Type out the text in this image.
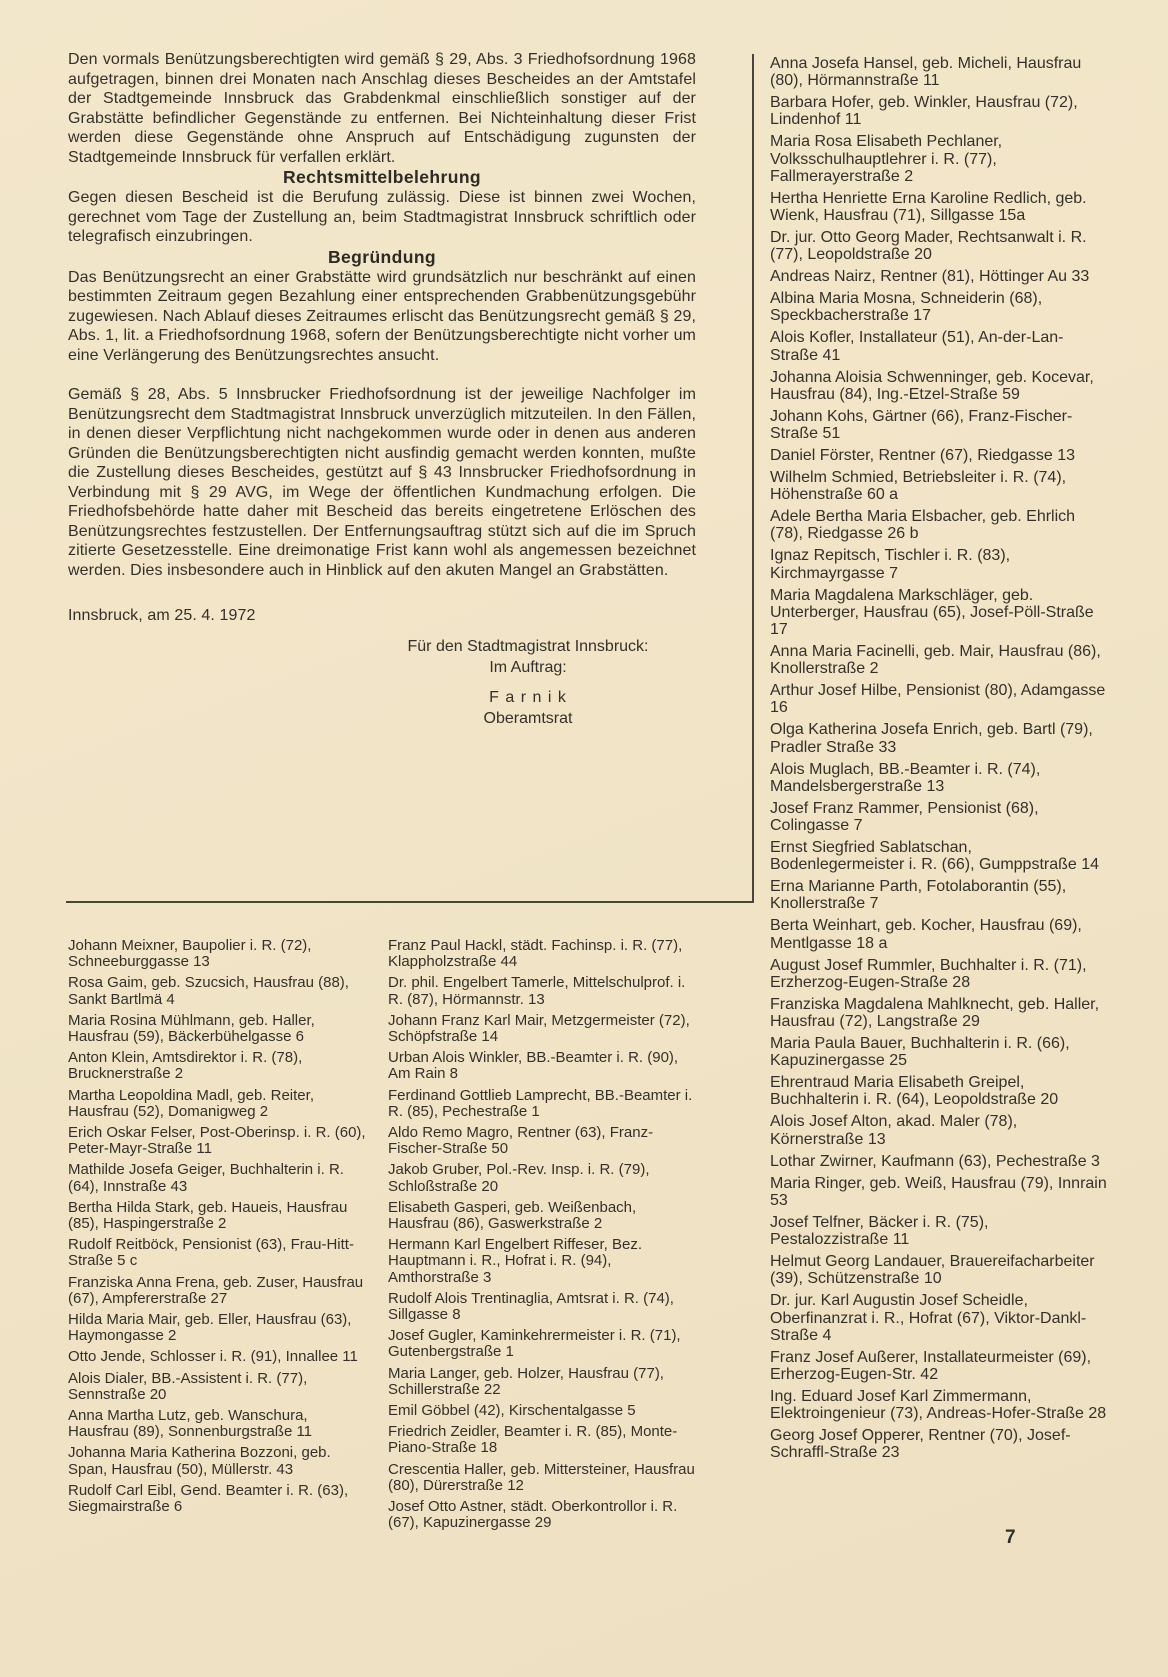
Den vormals Benützungsberechtigten wird gemäß § 29, Abs. 3 Friedhofsordnung 1968 aufgetragen, binnen drei Monaten nach Anschlag dieses Bescheides an der Amtstafel der Stadtgemeinde Innsbruck das Grabdenkmal einschließlich sonstiger auf der Grabstätte befindlicher Gegenstände zu entfernen. Bei Nichteinhaltung dieser Frist werden diese Gegenstände ohne Anspruch auf Entschädigung zugunsten der Stadtgemeinde Innsbruck für verfallen erklärt.

Rechtsmittelbelehrung

Gegen diesen Bescheid ist die Berufung zulässig. Diese ist binnen zwei Wochen, gerechnet vom Tage der Zustellung an, beim Stadtmagistrat Innsbruck schriftlich oder telegrafisch einzubringen.

Begründung

Das Benützungsrecht an einer Grabstätte wird grundsätzlich nur beschränkt auf einen bestimmten Zeitraum gegen Bezahlung einer entsprechenden Grabbenützungsgebühr zugewiesen. Nach Ablauf dieses Zeitraumes erlischt das Benützungsrecht gemäß § 29, Abs. 1, lit. a Friedhofsordnung 1968, sofern der Benützungsberechtigte nicht vorher um eine Verlängerung des Benützungsrechtes ansucht.

Gemäß § 28, Abs. 5 Innsbrucker Friedhofsordnung ist der jeweilige Nachfolger im Benützungsrecht dem Stadtmagistrat Innsbruck unverzüglich mitzuteilen. In den Fällen, in denen dieser Verpflichtung nicht nachgekommen wurde oder in denen aus anderen Gründen die Benützungsberechtigten nicht ausfindig gemacht werden konnten, mußte die Zustellung dieses Bescheides, gestützt auf § 43 Innsbrucker Friedhofsordnung in Verbindung mit § 29 AVG, im Wege der öffentlichen Kundmachung erfolgen. Die Friedhofsbehörde hatte daher mit Bescheid das bereits eingetretene Erlöschen des Benützungsrechtes festzustellen. Der Entfernungsauftrag stützt sich auf die im Spruch zitierte Gesetzesstelle. Eine dreimonatige Frist kann wohl als angemessen bezeichnet werden. Dies insbesondere auch in Hinblick auf den akuten Mangel an Grabstätten.

Innsbruck, am 25. 4. 1972

Für den Stadtmagistrat Innsbruck:
Im Auftrag:
F a r n i k
Oberamtsrat

Johann Meixner, Baupolier i. R. (72), Schneeburggasse 13

Rosa Gaim, geb. Szucsich, Hausfrau (88), Sankt Bartlmä 4

Maria Rosina Mühlmann, geb. Haller, Hausfrau (59), Bäckerbühelgasse 6

Anton Klein, Amtsdirektor i. R. (78), Brucknerstraße 2

Martha Leopoldina Madl, geb. Reiter, Hausfrau (52), Domanigweg 2

Erich Oskar Felser, Post-Oberinsp. i. R. (60), Peter-Mayr-Straße 11

Mathilde Josefa Geiger, Buchhalterin i. R. (64), Innstraße 43

Bertha Hilda Stark, geb. Haueis, Hausfrau (85), Haspingerstraße 2

Rudolf Reitböck, Pensionist (63), Frau-Hitt-Straße 5 c

Franziska Anna Frena, geb. Zuser, Hausfrau (67), Ampfererstraße 27

Hilda Maria Mair, geb. Eller, Hausfrau (63), Haymongasse 2

Otto Jende, Schlosser i. R. (91), Innallee 11

Alois Dialer, BB.-Assistent i. R. (77), Sennstraße 20

Anna Martha Lutz, geb. Wanschura, Hausfrau (89), Sonnenburgstraße 11

Johanna Maria Katherina Bozzoni, geb. Span, Hausfrau (50), Müllerstr. 43

Rudolf Carl Eibl, Gend. Beamter i. R. (63), Siegmairstraße 6

Franz Paul Hackl, städt. Fachinsp. i. R. (77), Klappholzstraße 44

Dr. phil. Engelbert Tamerle, Mittelschulprof. i. R. (87), Hörmannstr. 13

Johann Franz Karl Mair, Metzgermeister (72), Schöpfstraße 14

Urban Alois Winkler, BB.-Beamter i. R. (90), Am Rain 8

Ferdinand Gottlieb Lamprecht, BB.-Beamter i. R. (85), Pechestraße 1

Aldo Remo Magro, Rentner (63), Franz-Fischer-Straße 50

Jakob Gruber, Pol.-Rev. Insp. i. R. (79), Schloßstraße 20

Elisabeth Gasperi, geb. Weißenbach, Hausfrau (86), Gaswerkstraße 2

Hermann Karl Engelbert Riffeser, Bez. Hauptmann i. R., Hofrat i. R. (94), Amthorstraße 3

Rudolf Alois Trentinaglia, Amtsrat i. R. (74), Sillgasse 8

Josef Gugler, Kaminkehrermeister i. R. (71), Gutenbergstraße 1

Maria Langer, geb. Holzer, Hausfrau (77), Schillerstraße 22

Emil Göbbel (42), Kirschentalgasse 5

Friedrich Zeidler, Beamter i. R. (85), Monte-Piano-Straße 18

Crescentia Haller, geb. Mittersteiner, Hausfrau (80), Dürerstraße 12

Josef Otto Astner, städt. Oberkontrollor i. R. (67), Kapuzinergasse 29

Anna Josefa Hansel, geb. Micheli, Hausfrau (80), Hörmannstraße 11

Barbara Hofer, geb. Winkler, Hausfrau (72), Lindenhof 11

Maria Rosa Elisabeth Pechlaner, Volksschulhauptlehrer i. R. (77), Fallmerayerstraße 2

Hertha Henriette Erna Karoline Redlich, geb. Wienk, Hausfrau (71), Sillgasse 15a

Dr. jur. Otto Georg Mader, Rechtsanwalt i. R. (77), Leopoldstraße 20

Andreas Nairz, Rentner (81), Höttinger Au 33

Albina Maria Mosna, Schneiderin (68), Speckbacherstraße 17

Alois Kofler, Installateur (51), An-der-Lan-Straße 41

Johanna Aloisia Schwenninger, geb. Kocevar, Hausfrau (84), Ing.-Etzel-Straße 59

Johann Kohs, Gärtner (66), Franz-Fischer-Straße 51

Daniel Förster, Rentner (67), Riedgasse 13

Wilhelm Schmied, Betriebsleiter i. R. (74), Höhenstraße 60 a

Adele Bertha Maria Elsbacher, geb. Ehrlich (78), Riedgasse 26 b

Ignaz Repitsch, Tischler i. R. (83), Kirchmayrgasse 7

Maria Magdalena Markschläger, geb. Unterberger, Hausfrau (65), Josef-Pöll-Straße 17

Anna Maria Facinelli, geb. Mair, Hausfrau (86), Knollerstraße 2

Arthur Josef Hilbe, Pensionist (80), Adamgasse 16

Olga Katherina Josefa Enrich, geb. Bartl (79), Pradler Straße 33

Alois Muglach, BB.-Beamter i. R. (74), Mandelsbergerstraße 13

Josef Franz Rammer, Pensionist (68), Colingasse 7

Ernst Siegfried Sablatschan, Bodenlegermeister i. R. (66), Gumppstraße 14

Erna Marianne Parth, Fotolaborantin (55), Knollerstraße 7

Berta Weinhart, geb. Kocher, Hausfrau (69), Mentlgasse 18 a

August Josef Rummler, Buchhalter i. R. (71), Erzherzog-Eugen-Straße 28

Franziska Magdalena Mahlknecht, geb. Haller, Hausfrau (72), Langstraße 29

Maria Paula Bauer, Buchhalterin i. R. (66), Kapuzinergasse 25

Ehrentraud Maria Elisabeth Greipel, Buchhalterin i. R. (64), Leopoldstraße 20

Alois Josef Alton, akad. Maler (78), Körnerstraße 13

Lothar Zwirner, Kaufmann (63), Pechestraße 3

Maria Ringer, geb. Weiß, Hausfrau (79), Innrain 53

Josef Telfner, Bäcker i. R. (75), Pestalozzistraße 11

Helmut Georg Landauer, Brauereifacharbeiter (39), Schützenstraße 10

Dr. jur. Karl Augustin Josef Scheidle, Oberfinanzrat i. R., Hofrat (67), Viktor-Dankl-Straße 4

Franz Josef Außerer, Installateurmeister (69), Erherzog-Eugen-Str. 42

Ing. Eduard Josef Karl Zimmermann, Elektroingenieur (73), Andreas-Hofer-Straße 28

Georg Josef Opperer, Rentner (70), Josef-Schraffl-Straße 23

7
